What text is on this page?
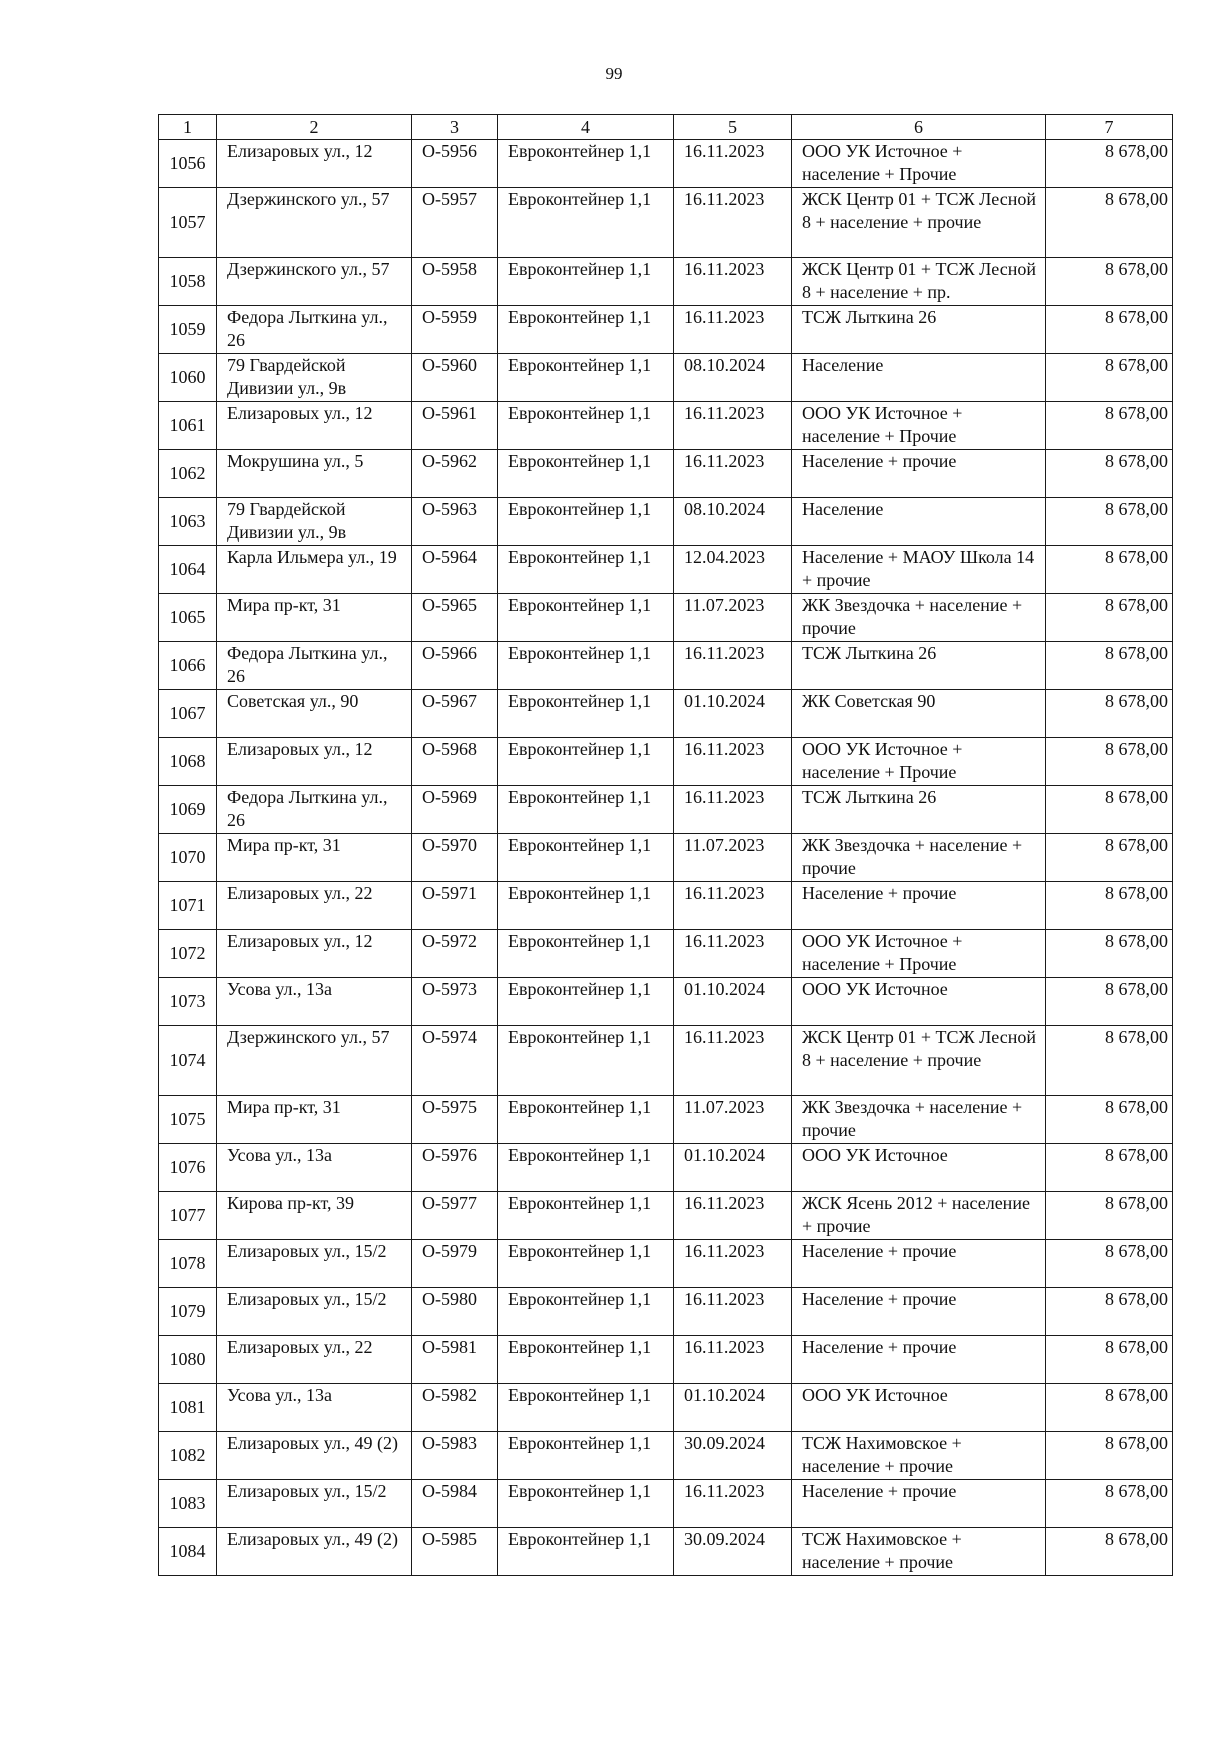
99
1	2	3	4	5	6	7
1056	Елизаровых ул., 12	О-5956	Евроконтейнер 1,1	16.11.2023	ООО УК Источное + население + Прочие	8 678,00
1057	Дзержинского ул., 57	О-5957	Евроконтейнер 1,1	16.11.2023	ЖСК Центр 01 + ТСЖ Лесной 8 + население + прочие	8 678,00
1058	Дзержинского ул., 57	О-5958	Евроконтейнер 1,1	16.11.2023	ЖСК Центр 01 + ТСЖ Лесной 8 + население + пр.	8 678,00
1059	Федора Лыткина ул., 26	О-5959	Евроконтейнер 1,1	16.11.2023	ТСЖ Лыткина 26	8 678,00
1060	79 Гвардейской Дивизии ул., 9в	О-5960	Евроконтейнер 1,1	08.10.2024	Население	8 678,00
1061	Елизаровых ул., 12	О-5961	Евроконтейнер 1,1	16.11.2023	ООО УК Источное + население + Прочие	8 678,00
1062	Мокрушина ул., 5	О-5962	Евроконтейнер 1,1	16.11.2023	Население + прочие	8 678,00
1063	79 Гвардейской Дивизии ул., 9в	О-5963	Евроконтейнер 1,1	08.10.2024	Население	8 678,00
1064	Карла Ильмера ул., 19	О-5964	Евроконтейнер 1,1	12.04.2023	Население + МАОУ Школа 14 + прочие	8 678,00
1065	Мира пр-кт, 31	О-5965	Евроконтейнер 1,1	11.07.2023	ЖК Звездочка + население + прочие	8 678,00
1066	Федора Лыткина ул., 26	О-5966	Евроконтейнер 1,1	16.11.2023	ТСЖ Лыткина 26	8 678,00
1067	Советская ул., 90	О-5967	Евроконтейнер 1,1	01.10.2024	ЖК Советская 90	8 678,00
1068	Елизаровых ул., 12	О-5968	Евроконтейнер 1,1	16.11.2023	ООО УК Источное + население + Прочие	8 678,00
1069	Федора Лыткина ул., 26	О-5969	Евроконтейнер 1,1	16.11.2023	ТСЖ Лыткина 26	8 678,00
1070	Мира пр-кт, 31	О-5970	Евроконтейнер 1,1	11.07.2023	ЖК Звездочка + население + прочие	8 678,00
1071	Елизаровых ул., 22	О-5971	Евроконтейнер 1,1	16.11.2023	Население + прочие	8 678,00
1072	Елизаровых ул., 12	О-5972	Евроконтейнер 1,1	16.11.2023	ООО УК Источное + население + Прочие	8 678,00
1073	Усова ул., 13а	О-5973	Евроконтейнер 1,1	01.10.2024	ООО УК Источное	8 678,00
1074	Дзержинского ул., 57	О-5974	Евроконтейнер 1,1	16.11.2023	ЖСК Центр 01 + ТСЖ Лесной 8 + население + прочие	8 678,00
1075	Мира пр-кт, 31	О-5975	Евроконтейнер 1,1	11.07.2023	ЖК Звездочка + население + прочие	8 678,00
1076	Усова ул., 13а	О-5976	Евроконтейнер 1,1	01.10.2024	ООО УК Источное	8 678,00
1077	Кирова пр-кт, 39	О-5977	Евроконтейнер 1,1	16.11.2023	ЖСК Ясень 2012 + население + прочие	8 678,00
1078	Елизаровых ул., 15/2	О-5979	Евроконтейнер 1,1	16.11.2023	Население + прочие	8 678,00
1079	Елизаровых ул., 15/2	О-5980	Евроконтейнер 1,1	16.11.2023	Население + прочие	8 678,00
1080	Елизаровых ул., 22	О-5981	Евроконтейнер 1,1	16.11.2023	Население + прочие	8 678,00
1081	Усова ул., 13а	О-5982	Евроконтейнер 1,1	01.10.2024	ООО УК Источное	8 678,00
1082	Елизаровых ул., 49 (2)	О-5983	Евроконтейнер 1,1	30.09.2024	ТСЖ Нахимовское + население + прочие	8 678,00
1083	Елизаровых ул., 15/2	О-5984	Евроконтейнер 1,1	16.11.2023	Население + прочие	8 678,00
1084	Елизаровых ул., 49 (2)	О-5985	Евроконтейнер 1,1	30.09.2024	ТСЖ Нахимовское + население + прочие	8 678,00
